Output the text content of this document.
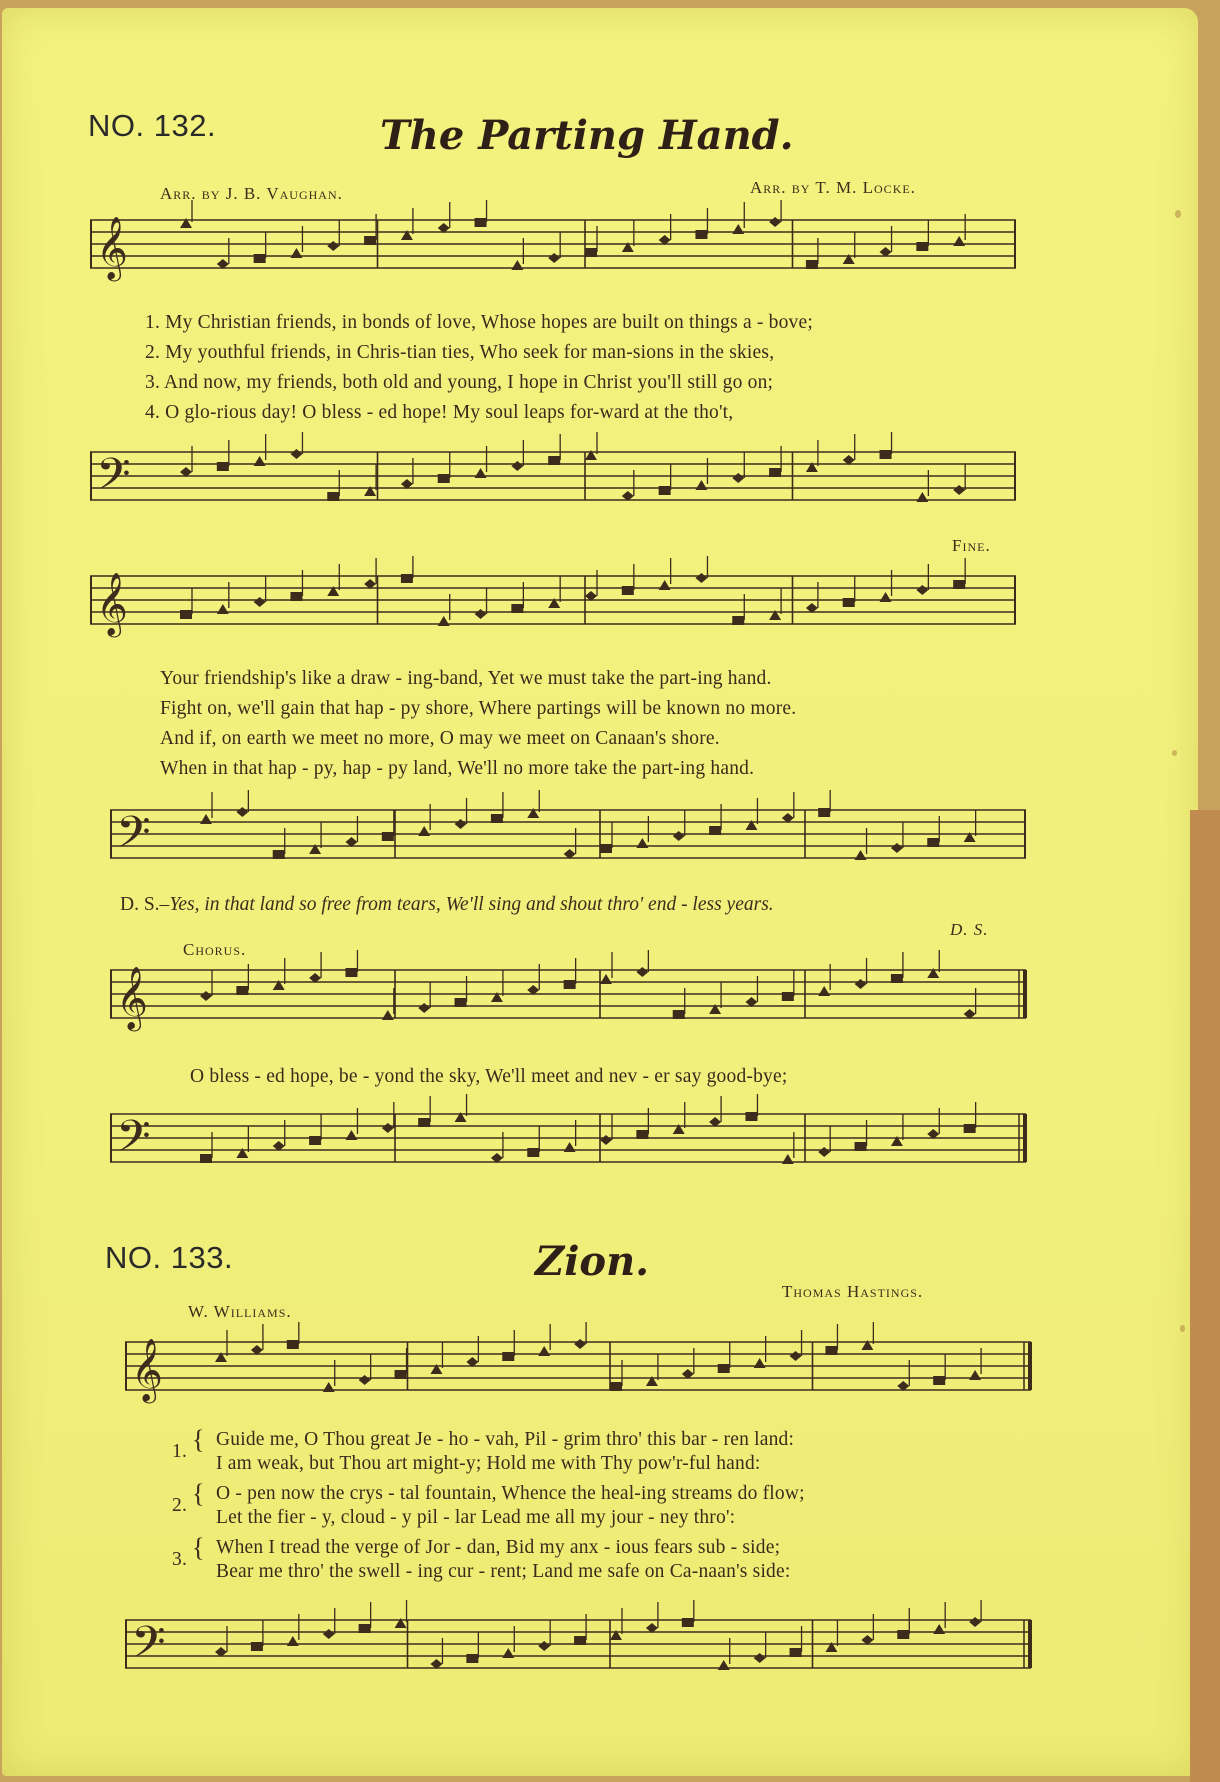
NO. 132.	The Parting Hand.
Arr. by J. B. Vaughan.	Arr. by T. M. Locke.
𝄞
1. My Christian friends, in bonds of love, Whose hopes are built on things a - bove;
2. My youthful friends, in Chris-tian ties, Who seek for man-sions in the skies,
3. And now, my friends, both old and young, I hope in Christ you'll still go on;
4. O glo-rious day! O bless - ed hope! My soul leaps for-ward at the tho't,
𝄢
Fine.
𝄞
Your friendship's like a draw - ing-band, Yet we must take the part-ing hand.
Fight on, we'll gain that hap - py shore, Where partings will be known no more.
And if, on earth we meet no more, O may we meet on Canaan's shore.
When in that hap - py, hap - py land, We'll no more take the part-ing hand.
𝄢
D. S.–Yes, in that land so free from tears, We'll sing and shout thro' end - less years.
Chorus.
D. S.
𝄞
O bless - ed hope, be - yond the sky, We'll meet and nev - er say good-bye;
𝄢
NO. 133.	Zion.
W. Williams.
Thomas Hastings.
𝄞
1. { Guide me, O Thou great Je - ho - vah, Pil - grim thro' this bar - ren land:
I am weak, but Thou art might-y; Hold me with Thy pow'r-ful hand:
2. { O - pen now the crys - tal fountain, Whence the heal-ing streams do flow;
Let the fier - y, cloud - y pil - lar Lead me all my jour - ney thro':
3. { When I tread the verge of Jor - dan, Bid my anx - ious fears sub - side;
Bear me thro' the swell - ing cur - rent; Land me safe on Ca-naan's side:
𝄢
